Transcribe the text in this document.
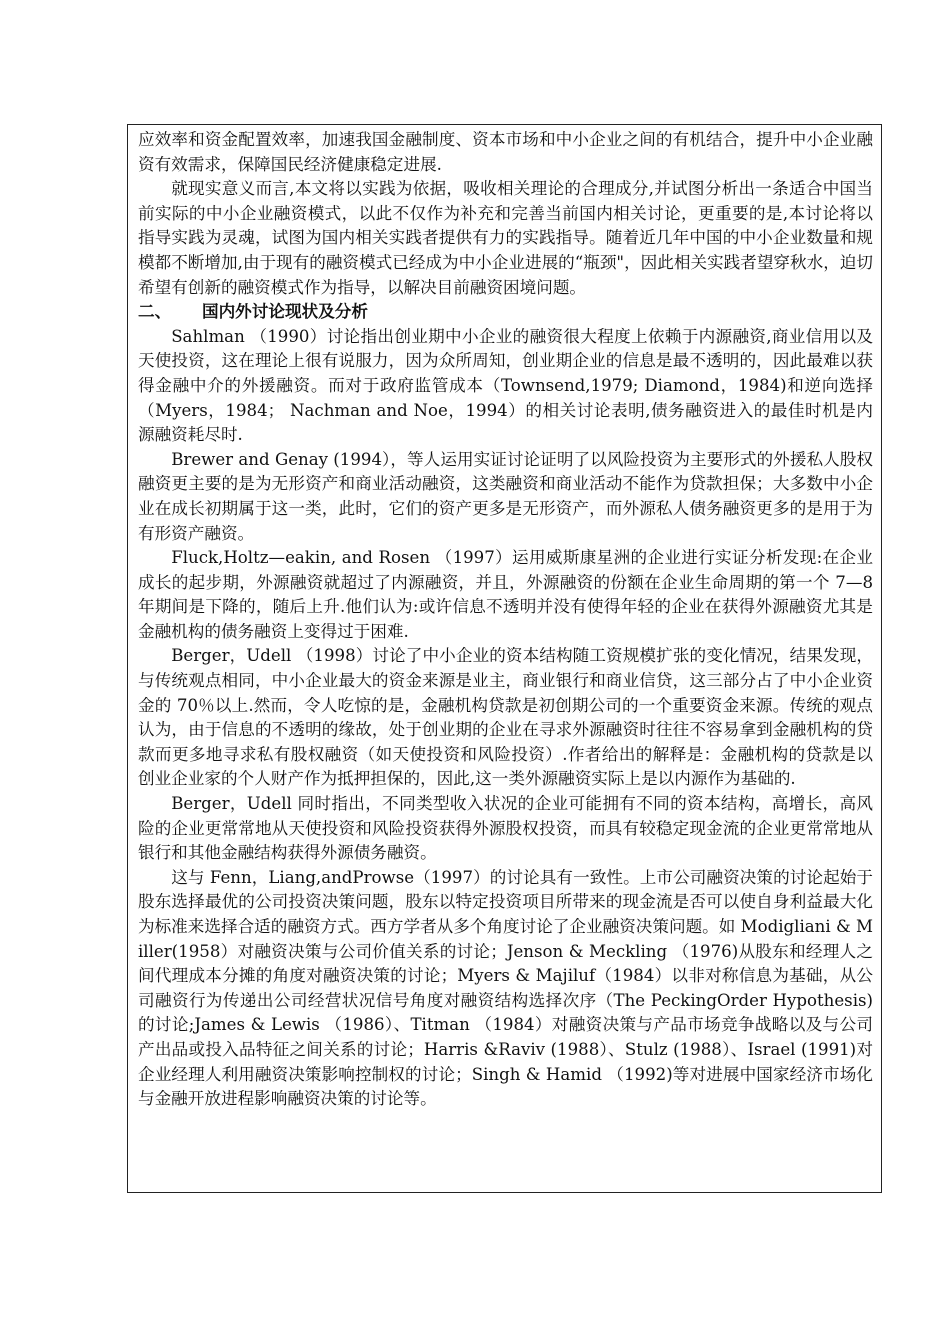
应效率和资金配置效率，加速我国金融制度、资本市场和中小企业之间的有机结合，提升中小企业融资有效需求，保障国民经济健康稳定进展.

就现实意义而言,本文将以实践为依据，吸收相关理论的合理成分,并试图分析出一条适合中国当前实际的中小企业融资模式，以此不仅作为补充和完善当前国内相关讨论，更重要的是,本讨论将以指导实践为灵魂，试图为国内相关实践者提供有力的实践指导。随着近几年中国的中小企业数量和规模都不断增加,由于现有的融资模式已经成为中小企业进展的“瓶颈"，因此相关实践者望穿秋水，迫切希望有创新的融资模式作为指导，以解决目前融资困境问题。

二、 国内外讨论现状及分析

Sahlman （1990）讨论指出创业期中小企业的融资很大程度上依赖于内源融资,商业信用以及天使投资，这在理论上很有说服力，因为众所周知，创业期企业的信息是最不透明的，因此最难以获得金融中介的外援融资。而对于政府监管成本（Townsend,1979; Diamond，1984)和逆向选择（Myers，1984； Nachman and Noe，1994）的相关讨论表明,债务融资进入的最佳时机是内源融资耗尽时.

Brewer and Genay (1994），等人运用实证讨论证明了以风险投资为主要形式的外援私人股权融资更主要的是为无形资产和商业活动融资，这类融资和商业活动不能作为贷款担保；大多数中小企业在成长初期属于这一类，此时，它们的资产更多是无形资产，而外源私人债务融资更多的是用于为有形资产融资。

Fluck,Holtz—eakin, and Rosen （1997）运用威斯康星洲的企业进行实证分析发现:在企业成长的起步期，外源融资就超过了内源融资，并且，外源融资的份额在企业生命周期的第一个 7—8 年期间是下降的，随后上升.他们认为:或许信息不透明并没有使得年轻的企业在获得外源融资尤其是金融机构的债务融资上变得过于困难.

Berger，Udell （1998）讨论了中小企业的资本结构随工资规模扩张的变化情况，结果发现，与传统观点相同，中小企业最大的资金来源是业主，商业银行和商业信贷，这三部分占了中小企业资金的 70％以上.然而，令人吃惊的是，金融机构贷款是初创期公司的一个重要资金来源。传统的观点认为，由于信息的不透明的缘故，处于创业期的企业在寻求外源融资时往往不容易拿到金融机构的贷款而更多地寻求私有股权融资（如天使投资和风险投资）.作者给出的解释是：金融机构的贷款是以创业企业家的个人财产作为抵押担保的，因此,这一类外源融资实际上是以内源作为基础的.

Berger，Udell 同时指出，不同类型收入状况的企业可能拥有不同的资本结构，高增长，高风险的企业更常常地从天使投资和风险投资获得外源股权投资，而具有较稳定现金流的企业更常常地从银行和其他金融结构获得外源债务融资。

这与 Fenn，Liang,andProwse（1997）的讨论具有一致性。上市公司融资决策的讨论起始于股东选择最优的公司投资决策问题，股东以特定投资项目所带来的现金流是否可以使自身利益最大化为标准来选择合适的融资方式。西方学者从多个角度讨论了企业融资决策问题。如 Modigliani & Miller(1958）对融资决策与公司价值关系的讨论；Jenson & Meckling （1976)从股东和经理人之间代理成本分摊的角度对融资决策的讨论；Myers & Majiluf（1984）以非对称信息为基础，从公司融资行为传递出公司经营状况信号角度对融资结构选择次序（The PeckingOrder Hypothesis)的讨论;James & Lewis （1986）、Titman （1984）对融资决策与产品市场竞争战略以及与公司产出品或投入品特征之间关系的讨论；Harris &Raviv (1988）、Stulz (1988）、Israel (1991)对企业经理人利用融资决策影响控制权的讨论；Singh & Hamid （1992)等对进展中国家经济市场化与金融开放进程影响融资决策的讨论等。
